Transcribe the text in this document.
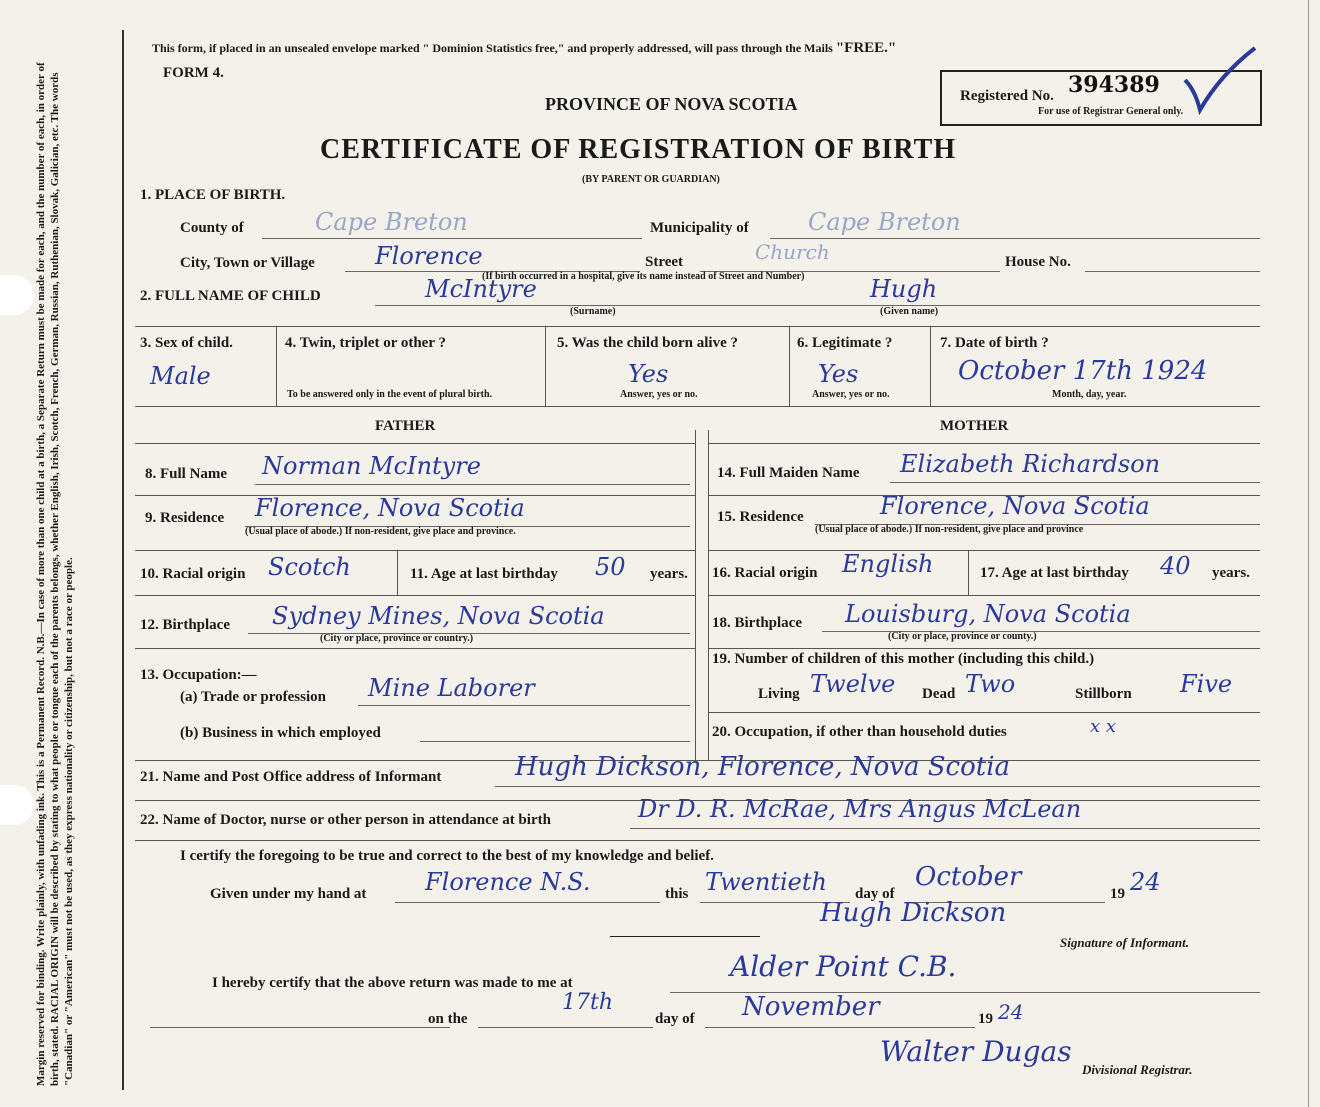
Margin reserved for binding. Write plainly, with unfading ink. This is a Permanent Record. N.B.—In case of more than one child at a birth, a Separate Return must be made for each, and the number of each, in order of birth, stated. RACIAL ORIGIN will be described by stating to what people or tongue each of the parents belongs, whether English, Irish, Scotch, French, German, Russian, Ruthenian, Slovak, Galician, etc. The words "Canadian" or "American" must not be used, as they express nationality or citizenship, but not a race or people.
This form, if placed in an unsealed envelope marked " Dominion Statistics free," and properly addressed, will pass through the Mails "FREE."
FORM 4.
PROVINCE OF NOVA SCOTIA
CERTIFICATE OF REGISTRATION OF BIRTH
(BY PARENT OR GUARDIAN)
Registered No. 394389
For use of Registrar General only.
1. PLACE OF BIRTH.
County of	Cape Breton	Municipality of Cape Breton
City, Town or Village	Florence	Street	Church	House No.
(If birth occurred in a hospital, give its name instead of Street and Number)
2. FULL NAME OF CHILD	McIntyre
(Surname)
Hugh
(Given name)
3. Sex of child.
Male
4. Twin, triplet or other ?
To be answered only in the event of plural birth.
5. Was the child born alive ?
Yes
Answer, yes or no.
6. Legitimate ?
Yes
Answer, yes or no.
7. Date of birth ?
October 17th 1924
Month, day, year.
FATHER	MOTHER
8. Full Name Norman McIntyre
9. Residence Florence, Nova Scotia
(Usual place of abode.) If non-resident, give place and province.
10. Racial origin Scotch	11. Age at last birthday 50 years.
12. Birthplace Sydney Mines, Nova Scotia
(City or place, province or country.)
13. Occupation:—
(a) Trade or profession Mine Laborer
(b) Business in which employed
14. Full Maiden Name Elizabeth Richardson
15. Residence	Florence, Nova Scotia
(Usual place of abode.) If non-resident, give place and province
16. Racial origin English	17. Age at last birthday 40 years.
18. Birthplace Louisburg, Nova Scotia
(City or place, province or county.)
19. Number of children of this mother (including this child.)
Living Twelve Dead Two	Stillborn Five
20. Occupation, if other than household duties	x x
21. Name and Post Office address of Informant	Hugh Dickson, Florence, Nova Scotia
22. Name of Doctor, nurse or other person in attendance at birth	Dr D. R. McRae, Mrs Angus McLean
I certify the foregoing to be true and correct to the best of my knowledge and belief.
Given under my hand at Florence N.S.	this Twentieth day of
October
19 24
Hugh Dickson
Signature of Informant.
I hereby certify that the above return was made to me at	Alder Point C.B.
on the
17th
day of November	19 24
Walter Dugas
Divisional Registrar.
